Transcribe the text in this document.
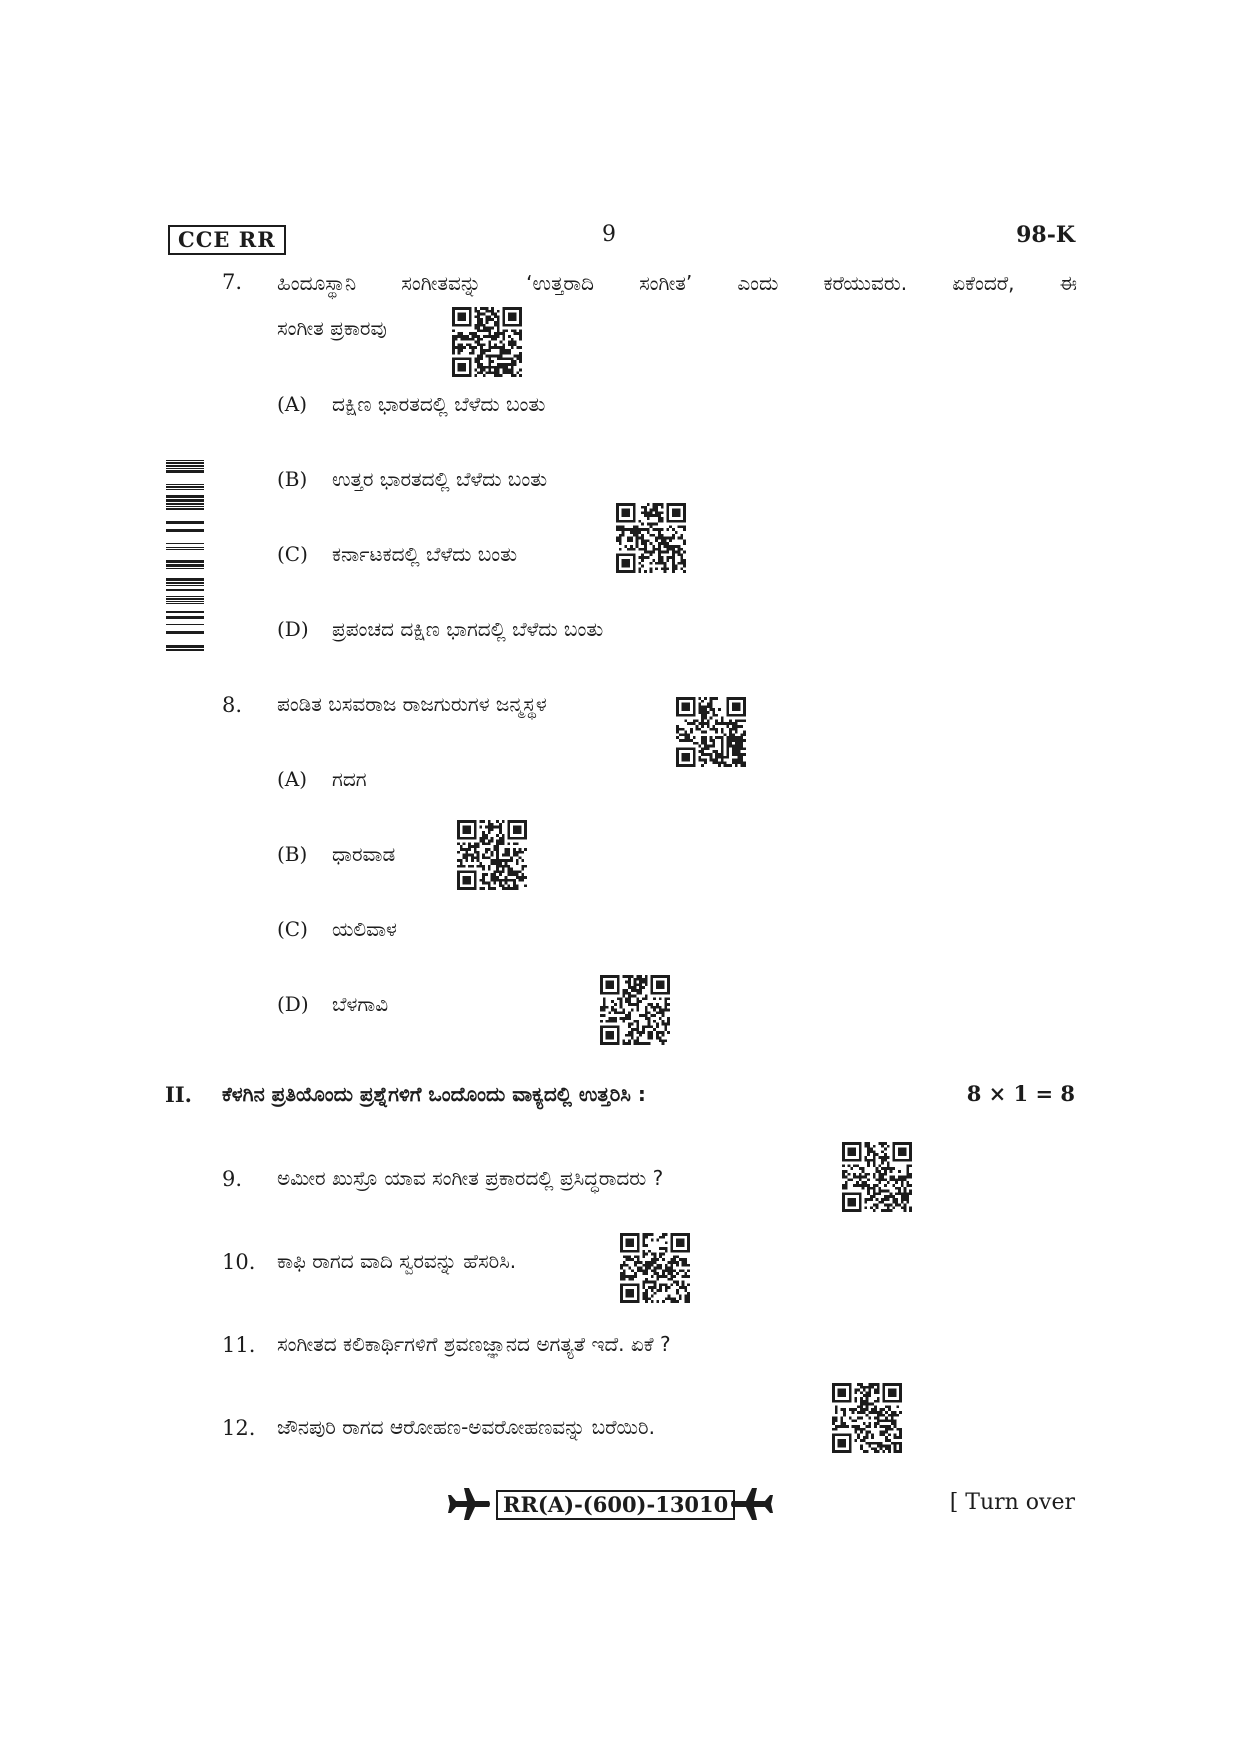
CCE RR	9	98-K
7. ಹಿಂದೂಸ್ಥಾನಿ ಸಂಗೀತವನ್ನು ‘ಉತ್ತರಾದಿ ಸಂಗೀತ’ ಎಂದು ಕರೆಯುವರು. ಏಕೆಂದರೆ, ಈ
ಸಂಗೀತ ಪ್ರಕಾರವು
(A) ದಕ್ಷಿಣ ಭಾರತದಲ್ಲಿ ಬೆಳೆದು ಬಂತು
(B) ಉತ್ತರ ಭಾರತದಲ್ಲಿ ಬೆಳೆದು ಬಂತು
(C) ಕರ್ನಾಟಕದಲ್ಲಿ ಬೆಳೆದು ಬಂತು
(D) ಪ್ರಪಂಚದ ದಕ್ಷಿಣ ಭಾಗದಲ್ಲಿ ಬೆಳೆದು ಬಂತು
8. ಪಂಡಿತ ಬಸವರಾಜ ರಾಜಗುರುಗಳ ಜನ್ಮಸ್ಥಳ
(A) ಗದಗ
(B) ಧಾರವಾಡ
(C) ಯಲಿವಾಳ
(D) ಬೆಳಗಾವಿ
II. ಕೆಳಗಿನ ಪ್ರತಿಯೊಂದು ಪ್ರಶ್ನೆಗಳಿಗೆ ಒಂದೊಂದು ವಾಕ್ಯದಲ್ಲಿ ಉತ್ತರಿಸಿ :	8 × 1 = 8
9. ಅಮೀರ ಖುಸ್ರೊ ಯಾವ ಸಂಗೀತ ಪ್ರಕಾರದಲ್ಲಿ ಪ್ರಸಿದ್ಧರಾದರು ?
10. ಕಾಫಿ ರಾಗದ ವಾದಿ ಸ್ವರವನ್ನು ಹೆಸರಿಸಿ.
11. ಸಂಗೀತದ ಕಲಿಕಾರ್ಥಿಗಳಿಗೆ ಶ್ರವಣಜ್ಞಾನದ ಅಗತ್ಯತೆ ಇದೆ. ಏಕೆ ?
12. ಜೌನಪುರಿ ರಾಗದ ಆರೋಹಣ-ಅವರೋಹಣವನ್ನು ಬರೆಯಿರಿ.
RR(A)-(600)-13010	[ Turn over
